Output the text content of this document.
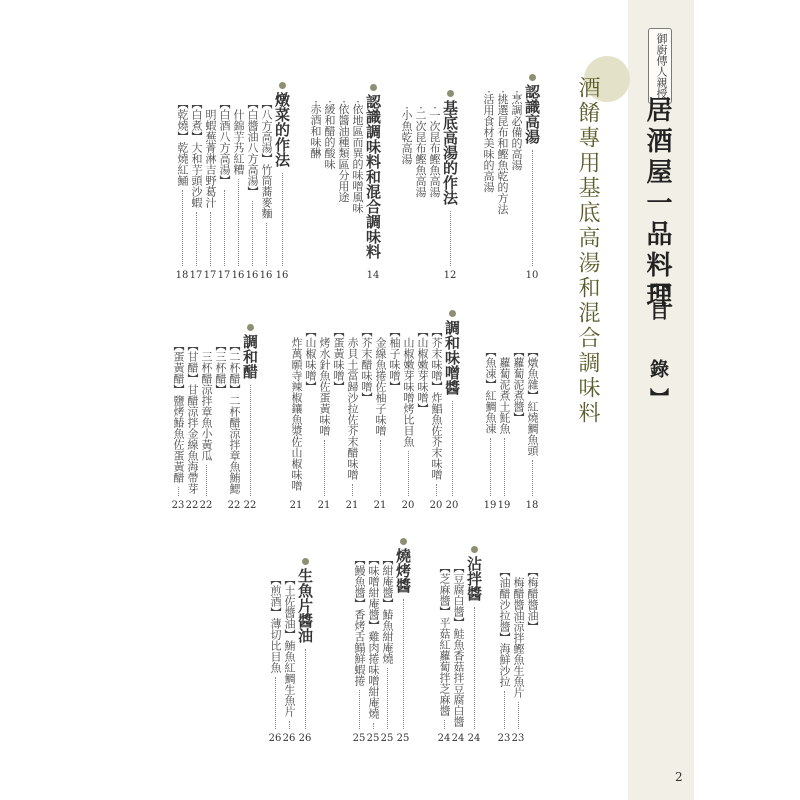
御廚傳人親授
居酒屋一品料理
【目　錄】
2
酒餚專用基底高湯和混合調味料
認識高湯
10
‧烹調必備的高湯
‧挑選昆布和鰹魚乾的方法
‧活用食材美味的高湯
基底高湯的作法
12
‧一次昆布鰹魚高湯
‧二次昆布鰹魚高湯
‧小魚乾高湯
認識調味料和混合調味料
14
‧依地區而異的味噌風味
‧依醬油種類區分用途
‧緩和醋的酸味
‧赤酒和味醂
燉菜的作法
16
【八方高湯】竹筒蕎麥麵
16
【白醬油八方高湯】
16
　什錦芋艿紅糟
16
【白酒八方高湯】
17
　明蝦蕪菁淋吉野葛汁
17
【白煮】大和芋頭沙蝦
17
【乾燒】乾燒紅鯒
18
【燉魚雜】紅燒鯛魚頭
18
【蘿蔔泥煮醬】
　蘿蔔泥煮土魠魚
19
【魚凍】紅鯛魚凍
19
調和味噌醬
20
【芥末味噌】炸鯧魚佐芥末味噌
20
【山椒嫩芽味噌】
　山椒嫩芽味噌烤比目魚
20
【柚子味噌】
　金線魚捲佐柚子味噌
21
【芥末醋味噌】
　赤貝土當歸沙拉佐芥末醋味噌
21
【蛋黃味噌】
　烤水針魚佐蛋黃味噌
21
【山椒味噌】
　炸萬願寺辣椒鑲魚漿佐山椒味噌
21
調和醋
22
【二杯醋】二杯醋涼拌章魚鮪鰓
22
【三杯醋】
　三杯醋涼拌章魚小黃瓜
22
【甘醋】甘醋涼拌金線魚海帶芽
22
【蛋黃醋】鹽烤鰆魚佐蛋黃醋
23
【梅醋醬油】
　梅醋醬油涼拌鰹魚生魚片
23
【油醋沙拉醬】海鮮沙拉
23
沾拌醬
24
【豆腐白醬】鮭魚香菇拌豆腐白醬
24
【芝麻醬】平菇紅蘿蔔拌芝麻醬
24
燒烤醬
25
【紺庵醬】鰆魚紺庵燒
25
【味噌紺庵醬】雞肉捲味噌紺庵燒
25
【鰻魚醬】香烤舌鰨鮮蝦捲
25
生魚片醬油
26
【土佐醬油】鮪魚紅鯛生魚片
26
【煎酒】薄切比目魚
26
